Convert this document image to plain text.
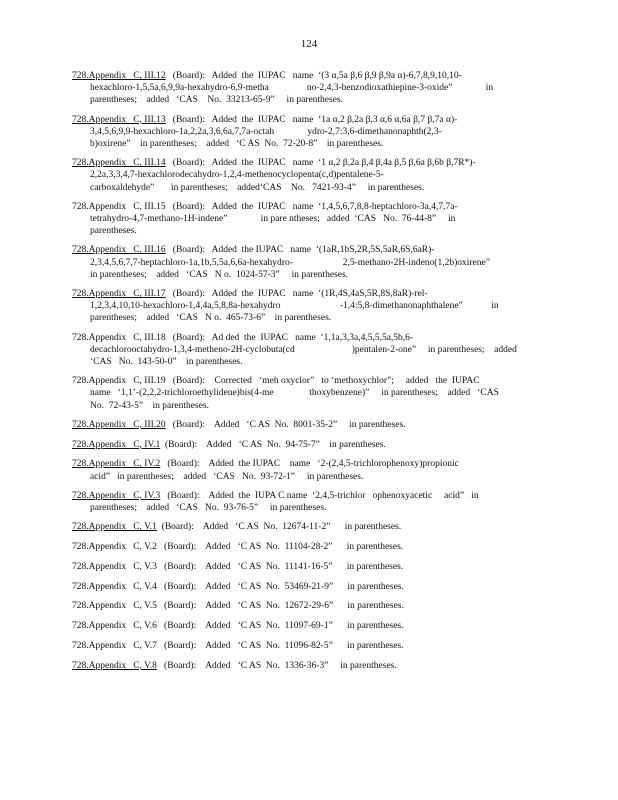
124
728.Appendix   C, III.12   (Board):   Added  the  IUPAC   name  ‘(3 α,5a β,6 β,9 β,9a α)-6,7,8,9,10,10-
hexachloro-1,5,5a,6,9,9a-hexahydro-6,9-metha                no-2,4,3-benzodioxathiepine-3-oxide”              in
parentheses;    added   ‘CAS    No.  33213-65-9”     in parentheses.
728.Appendix   C, III.13   (Board):   Added  the  IUPAC   name  ‘1a α,2 β,2a β,3 α,6 α,6a β,7 β,7a α)-
3,4,5,6,9,9-hexachloro-1a,2,2a,3,6,6a,7,7a-octah              ydro-2,7:3,6-dimethanonaphth(2,3-
b)oxirene”    in parentheses;    added   ‘C AS  No.  72-20-8”    in parentheses.
728.Appendix   C, III.14   (Board):   Added  the  IUPAC   name  ‘1 α,2 β,2a β,4 β,4a β,5 β,6a β,6b β,7R*)-
2,2a,3,3,4,7-hexachlorodecahydro-1,2,4-methenocyclopenta(c,d)pentalene-5-
carboxaldehyde”       in parentheses;    added‘CAS    No.   7421-93-4”     in parentheses.
728.Appendix   C, III.15   (Board):   Added  the  IUPAC   name  ‘1,4,5,6,7,8,8-heptachloro-3a,4,7,7a-
tetrahydro-4,7-methano-1H-indene”              in pare ntheses;   added  ‘CAS   No.  76-44-8”     in
parentheses.
728.Appendix   C, III.16   (Board):   Added  the IUPAC   name  ‘(1aR,1bS,2R,5S,5aR,6S,6aR)-
2,3,4,5,6,7,7-heptachloro-1a,1b,5,5a,6,6a-hexahydro-                     2,5-methano-2H-indeno(1,2b)oxirene”
in parentheses;    added   ‘CAS   N o.  1024-57-3”     in parentheses.
728.Appendix   C, III.17   (Board):   Added  the  IUPAC   name  ‘(1R,4S,4aS,5R,8S,8aR)-rel-
1,2,3,4,10,10-hexachloro-1,4,4a,5,8,8a-hexahydro                         -1,4:5,8-dimethanonaphthalene”            in
parentheses;    added   ‘CAS   N o.  465-73-6”    in parentheses.
728.Appendix   C, III.18   (Board):   Ad ded  the  IUPAC   name  ‘1,1a,3,3a,4,5,5,5a,5b,6-
decachlorooctahydro-1,3,4-metheno-2H-cyclobuta(cd                        )pentalen-2-one”     in parentheses;    added
‘CAS   No.  143-50-0”    in parentheses.
728.Appendix   C, III.19   (Board):    Corrected   ‘meh oxyclor”   to ‘methoxychlor”;     added   the  IUPAC
name   ‘1,1’-(2,2,2-trichloroethylidene)bis(4-me               thoxybenzene)”     in parentheses;    added   ‘CAS
No.  72-43-5”    in parentheses.
728.Appendix   C, III.20   (Board):    Added   ‘C AS  No.  8001-35-2”     in parentheses.
728.Appendix   C, IV.1  (Board):    Added   ‘C AS  No.  94-75-7”    in parentheses.
728.Appendix   C, IV.2   (Board):    Added  the IUPAC    name   ‘2-(2,4,5-trichlorophenoxy)propionic
acid”   in parentheses;    added   ‘CAS   No.  93-72-1”     in parentheses.
728.Appendix   C, IV.3   (Board):    Added  the  IUPA C name  ‘2,4,5-trichlor   ophenoxyacetic     acid”   in
parentheses;    added   ‘CAS   No.  93-76-5”     in parentheses.
728.Appendix   C, V.1  (Board):    Added   ‘C AS  No.  12674-11-2”      in parentheses.
728.Appendix   C, V.2   (Board):    Added   ‘C AS  No.  11104-28-2”      in parentheses.
728.Appendix   C, V.3   (Board):    Added   ‘C AS  No.  11141-16-5”      in parentheses.
728.Appendix   C, V.4   (Board):    Added   ‘C AS  No.  53469-21-9”      in parentheses.
728.Appendix   C, V.5   (Board):    Added   ‘C AS  No.  12672-29-6”      in parentheses.
728.Appendix   C, V.6   (Board):    Added   ‘C AS  No.  11097-69-1”      in parentheses.
728.Appendix   C, V.7   (Board):    Added   ‘C AS  No.  11096-82-5”      in parentheses.
728.Appendix   C, V.8   (Board):    Added   ‘C AS  No.  1336-36-3”     in parentheses.
